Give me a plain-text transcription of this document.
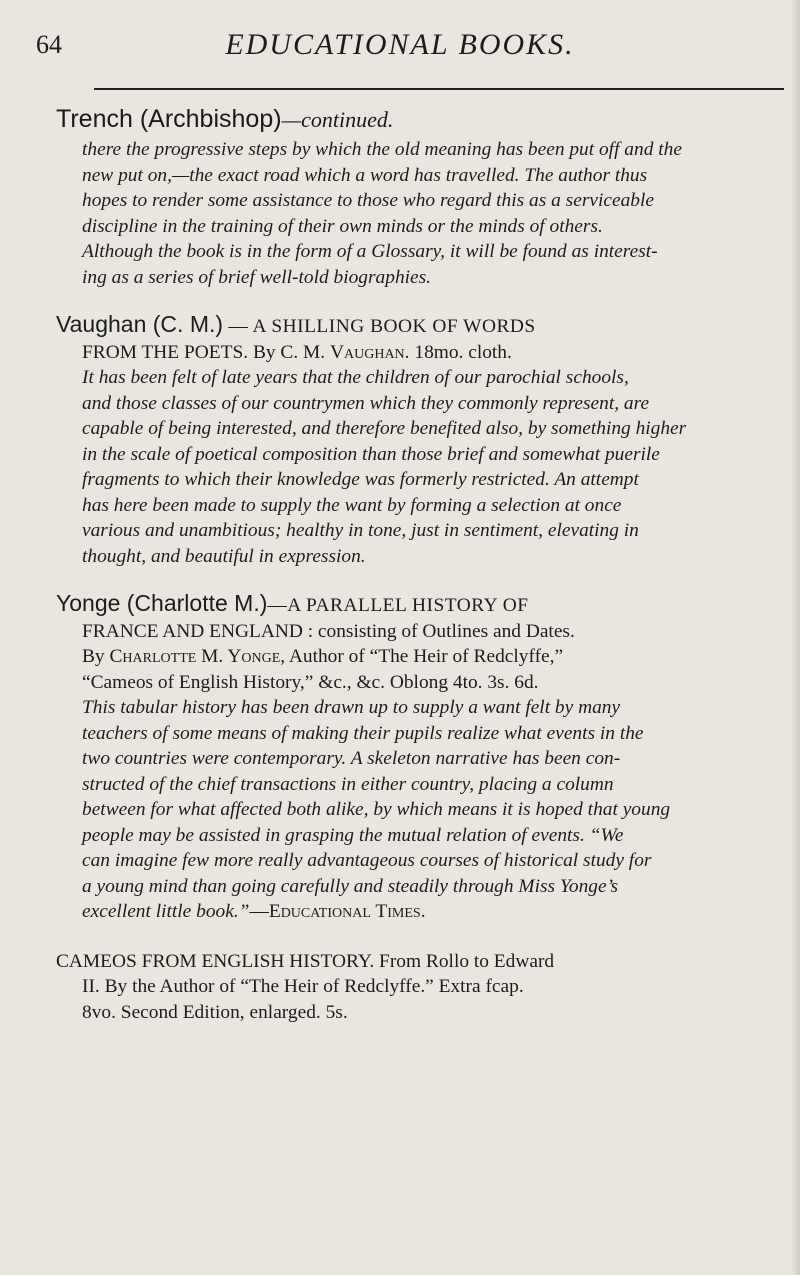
64	EDUCATIONAL BOOKS.

Trench (Archbishop)—continued.

there the progressive steps by which the old meaning has been put off and the
new put on,—the exact road which a word has travelled. The author thus
hopes to render some assistance to those who regard this as a serviceable
discipline in the training of their own minds or the minds of others.
Although the book is in the form of a Glossary, it will be found as interest-
ing as a series of brief well-told biographies.

Vaughan (C. M.) — A SHILLING BOOK OF WORDS
FROM THE POETS. By C. M. Vaughan. 18mo. cloth.

It has been felt of late years that the children of our parochial schools,
and those classes of our countrymen which they commonly represent, are
capable of being interested, and therefore benefited also, by something higher
in the scale of poetical composition than those brief and somewhat puerile
fragments to which their knowledge was formerly restricted. An attempt
has here been made to supply the want by forming a selection at once
various and unambitious; healthy in tone, just in sentiment, elevating in
thought, and beautiful in expression.

Yonge (Charlotte M.)—A PARALLEL HISTORY OF
FRANCE AND ENGLAND : consisting of Outlines and Dates.
By Charlotte M. Yonge, Author of “The Heir of Redclyffe,”
“Cameos of English History,” &c., &c. Oblong 4to. 3s. 6d.

This tabular history has been drawn up to supply a want felt by many
teachers of some means of making their pupils realize what events in the
two countries were contemporary. A skeleton narrative has been con-
structed of the chief transactions in either country, placing a column
between for what affected both alike, by which means it is hoped that young
people may be assisted in grasping the mutual relation of events. “We
can imagine few more really advantageous courses of historical study for
a young mind than going carefully and steadily through Miss Yonge’s
excellent little book.”—Educational Times.

CAMEOS FROM ENGLISH HISTORY. From Rollo to Edward
II. By the Author of “The Heir of Redclyffe.” Extra fcap.
8vo. Second Edition, enlarged. 5s.
